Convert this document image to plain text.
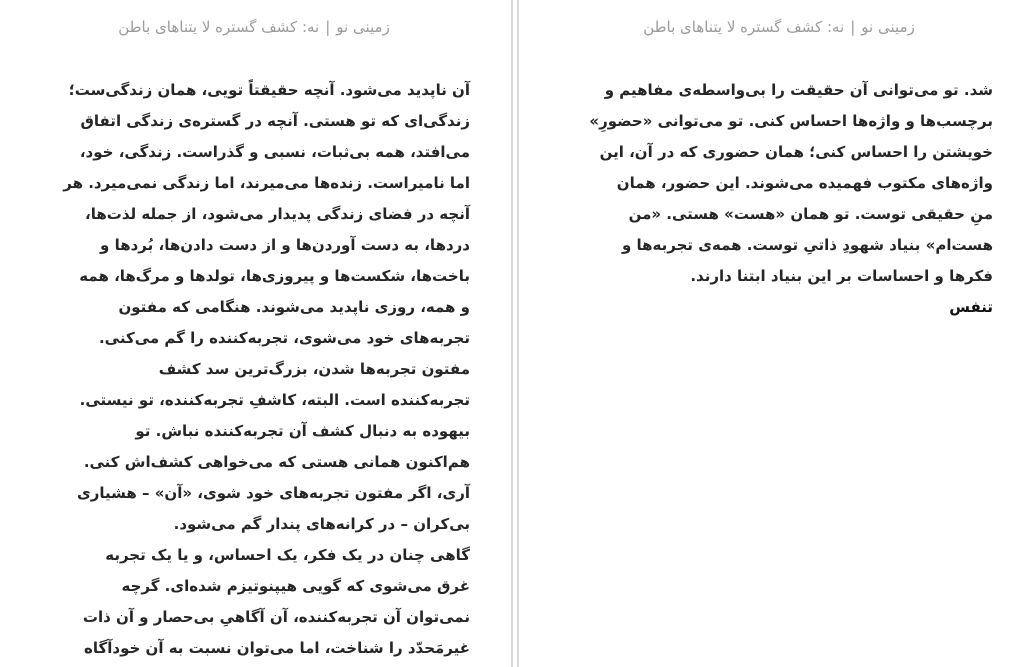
زمینی نو|نه: کشف گستره لا یتناهای باطن
آن ناپدید می‌شود. آنچه حقیقتاً تویی، همان زندگی‌ست؛
زندگی‌ای که تو هستی. آنچه در گستره‌ی زندگی اتفاق
می‌افتد، همه بی‌ثبات، نسبی و گذراست. زندگی، خود،
اما نامیراست. زنده‌ها می‌میرند، اما زندگی نمی‌میرد. هر
آنچه در فضای زندگی پدیدار می‌شود، از جمله لذت‌ها،
دردها، به دست آوردن‌ها و از دست دادن‌ها، بُردها و
باخت‌ها، شکست‌ها و پیروزی‌ها، تولدها و مرگ‌ها، همه
و همه، روزی ناپدید می‌شوند. هنگامی که مفتون
تجربه‌های خود می‌شوی، تجربه‌کننده را گم می‌کنی.
مفتون تجربه‌ها شدن، بزرگ‌ترین سد کشف
تجربه‌کننده است. البته، کاشفِ تجربه‌کننده، تو نیستی.
بیهوده به دنبال کشف آن تجربه‌کننده نباش. تو
هم‌اکنون همانی هستی که می‌خواهی کشف‌اش کنی.
آری، اگر مفتون تجربه‌های خود شوی، «آن» – هشیاری
بی‌کران – در کرانه‌های پندار گم می‌شود.
گاهی چنان در یک فکر، یک احساس، و یا یک تجربه
غرق می‌شوی که گویی هیپنوتیزم شده‌ای. گرچه
نمی‌توان آن تجربه‌کننده، آن آگاهیِ بی‌حصار و آن ذات
غیرمَحدّد را شناخت، اما می‌توان نسبت به آن خودآگاه
زمینی نو|نه: کشف گستره لا یتناهای باطن
شد. تو می‌توانی آن حقیقت را بی‌واسطه‌ی مفاهیم و
برچسب‌ها و واژه‌ها احساس کنی. تو می‌توانی «حضورِ»
خویشتن را احساس کنی؛ همان حضوری که در آن، این
واژه‌های مکتوب فهمیده می‌شوند. این حضور، همان
منِ حقیقی توست. تو همان «هست» هستی. «من
هست‌ام» بنیاد شهودِ ذاتیِ توست. همه‌ی تجربه‌ها و
فکرها و احساسات بر این بنیاد ابتنا دارند.
تنفس
